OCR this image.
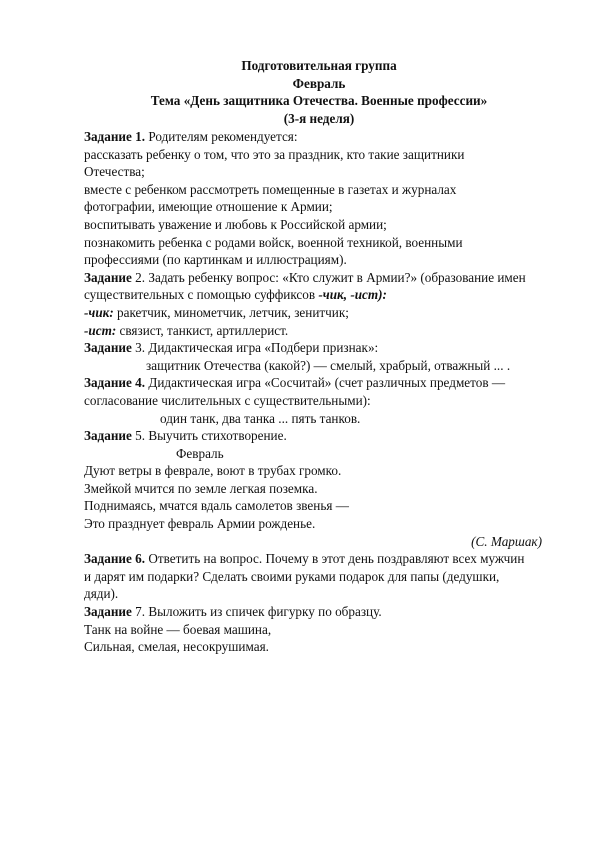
Подготовительная группа
Февраль
Тема «День защитника Отечества. Военные профессии»
(3-я неделя)
Задание 1. Родителям рекомендуется:
рассказать ребенку о том, что это за праздник, кто такие защитники
Отечества;
вместе с ребенком рассмотреть помещенные в газетах и журналах
фотографии, имеющие отношение к Армии;
воспитывать уважение и любовь к Российской армии;
познакомить ребенка с родами войск, военной техникой, военными
профессиями (по картинкам и иллюстрациям).
Задание 2. Задать ребенку вопрос: «Кто служит в Армии?» (образование имен
существительных с помощью суффиксов -чик, -ист):
-чик: ракетчик, минометчик, летчик, зенитчик;
-ист: связист, танкист, артиллерист.
Задание 3. Дидактическая игра «Подбери признак»:
защитник Отечества (какой?) — смелый, храбрый, отважный ... .
Задание 4. Дидактическая игра «Сосчитай» (счет различных предметов —
согласование числительных с существительными):
один танк, два танка ... пять танков.
Задание 5. Выучить стихотворение.
Февраль
Дуют ветры в феврале, воют в трубах громко.
Змейкой мчится по земле легкая поземка.
Поднимаясь, мчатся вдаль самолетов звенья —
Это празднует февраль Армии рожденье.
(С. Маршак)
Задание 6. Ответить на вопрос. Почему в этот день поздравляют всех мужчин
и дарят им подарки? Сделать своими руками подарок для папы (дедушки,
дяди).
Задание 7. Выложить из спичек фигурку по образцу.
Танк на войне — боевая машина,
Сильная, смелая, несокрушимая.
